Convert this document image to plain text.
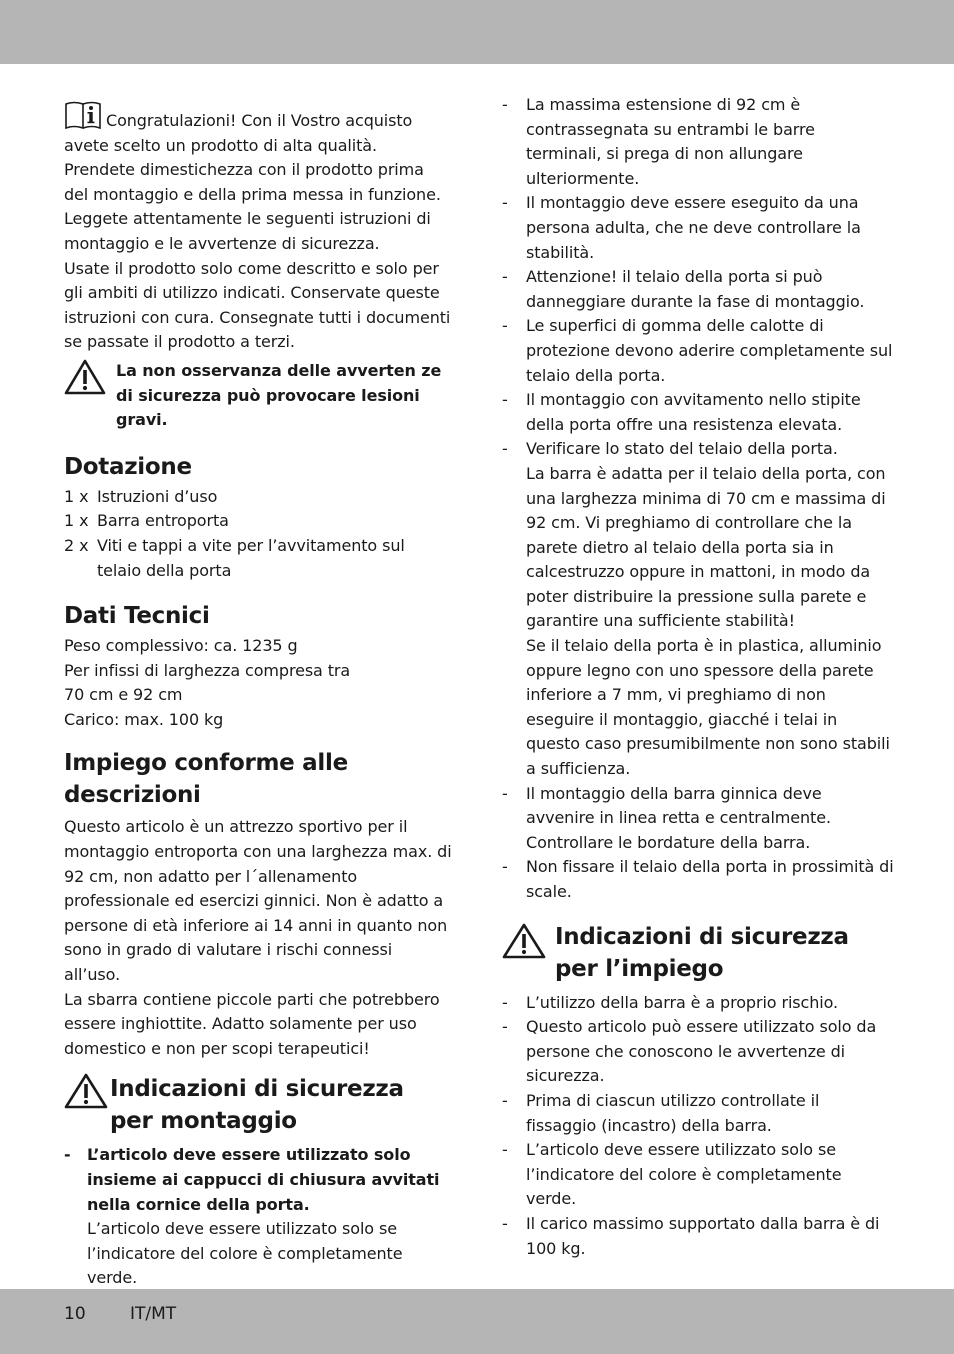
Congratulazioni! Con il Vostro acquisto avete scelto un prodotto di alta qualità. Prendete dimestichezza con il prodotto prima del montaggio e della prima messa in funzione. Leggete attentamente le seguenti istruzioni di montaggio e le avvertenze di sicurezza.

Usate il prodotto solo come descritto e solo per gli ambiti di utilizzo indicati. Conservate queste istruzioni con cura. Consegnate tutti i documenti se passate il prodotto a terzi.

La non osservanza delle avverten ze di sicurezza può provocare lesioni gravi.

Dotazione
1 x Istruzioni d’uso
1 x Barra entroporta
2 x Viti e tappi a vite per l’avvitamento sul telaio della porta
Dati Tecnici

Peso complessivo: ca. 1235 g

Per infissi di larghezza compresa tra

70 cm e 92 cm

Carico: max. 100 kg

Impiego conforme alle descrizioni

Questo articolo è un attrezzo sportivo per il montaggio entroporta con una larghezza max. di 92 cm, non adatto per l´allenamento professionale ed esercizi ginnici. Non è adatto a persone di età inferiore ai 14 anni in quanto non sono in grado di valutare i rischi connessi all’uso.

La sbarra contiene piccole parti che potrebbero essere inghiottite. Adatto solamente per uso domestico e non per scopi terapeutici!

Indicazioni di sicurezza per montaggio

- L’articolo deve essere utilizzato solo insieme ai cappucci di chiusura avvitati nella cornice della porta.

L’articolo deve essere utilizzato solo se l’indicatore del colore è completamente verde.

- La massima estensione di 92 cm è contrassegnata su entrambi le barre terminali, si prega di non allungare ulteriormente.
- Il montaggio deve essere eseguito da una persona adulta, che ne deve controllare la stabilità.
- Attenzione! il telaio della porta si può danneggiare durante la fase di montaggio.
- Le superfici di gomma delle calotte di protezione devono aderire completamente sul telaio della porta.
- Il montaggio con avvitamento nello stipite della porta offre una resistenza elevata.

- Verificare lo stato del telaio della porta.

La barra è adatta per il telaio della porta, con una larghezza minima di 70 cm e massima di 92 cm. Vi preghiamo di controllare che la parete dietro al telaio della porta sia in calcestruzzo oppure in mattoni, in modo da poter distribuire la pressione sulla parete e garantire una sufficiente stabilità!

Se il telaio della porta è in plastica, alluminio oppure legno con uno spessore della parete inferiore a 7 mm, vi preghiamo di non eseguire il montaggio, giacché i telai in questo caso presumibilmente non sono stabili a sufficienza.

- Il montaggio della barra ginnica deve avvenire in linea retta e centralmente. Controllare le bordature della barra.
- Non fissare il telaio della porta in prossimità di scale.
Indicazioni di sicurezza per l’impiego
- L’utilizzo della barra è a proprio rischio.
- Questo articolo può essere utilizzato solo da persone che conoscono le avvertenze di sicurezza.
- Prima di ciascun utilizzo controllate il fissaggio (incastro) della barra.
- L’articolo deve essere utilizzato solo se l’indicatore del colore è completamente verde.
- Il carico massimo supportato dalla barra è di 100 kg.
10	IT/MT
